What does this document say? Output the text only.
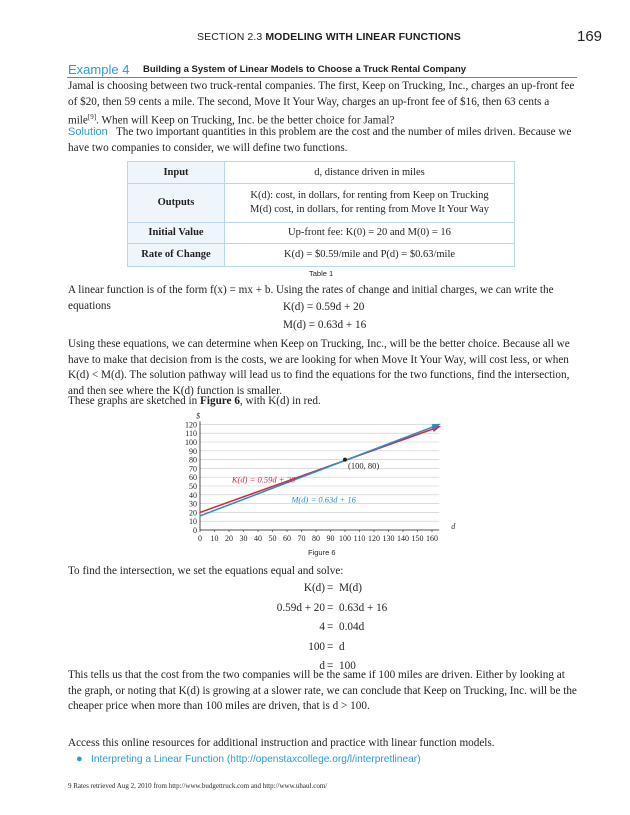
SECTION 2.3 MODELING WITH LINEAR FUNCTIONS	169
Example 4 Building a System of Linear Models to Choose a Truck Rental Company
Jamal is choosing between two truck-rental companies. The first, Keep on Trucking, Inc., charges an up-front fee of $20, then 59 cents a mile. The second, Move It Your Way, charges an up-front fee of $16, then 63 cents a mile[9]. When will Keep on Trucking, Inc. be the better choice for Jamal?
Solution The two important quantities in this problem are the cost and the number of miles driven. Because we have two companies to consider, we will define two functions.
Input	d, distance driven in miles
Outputs	K(d): cost, in dollars, for renting from Keep on Trucking
M(d) cost, in dollars, for renting from Move It Your Way

Initial Value	Up-front fee: K(0) = 20 and M(0) = 16
Rate of Change	K(d) = $0.59/mile and P(d) = $0.63/mile
Table 1
A linear function is of the form f(x) = mx + b. Using the rates of change and initial charges, we can write the equations	K(d) = 0.59d + 20
M(d) = 0.63d + 16
Using these equations, we can determine when Keep on Trucking, Inc., will be the better choice. Because all we have to make that decision from is the costs, we are looking for when Move It Your Way, will cost less, or when K(d) < M(d). The solution pathway will lead us to find the equations for the two functions, find the intersection, and then see where the K(d) function is smaller.
These graphs are sketched in Figure 6, with K(d) in red.
0
10
20
30
40
50
60
70
80
90
100
110
120
0 10 20 30 40 50 60 70 80 90 100 110 120 130 140 150 160
$
d
K(d) = 0.59d + 20
M(d) = 0.63d + 16
(100, 80)
Figure 6
To find the intersection, we set the equations equal and solve:
K(d) = M(d)
0.59d + 20 = 0.63d + 16
4 = 0.04d
100 = d
d = 100
This tells us that the cost from the two companies will be the same if 100 miles are driven. Either by looking at the graph, or noting that K(d) is growing at a slower rate, we can conclude that Keep on Trucking, Inc. will be the cheaper price when more than 100 miles are driven, that is d > 100.
Access this online resources for additional instruction and practice with linear function models.
● Interpreting a Linear Function (http://openstaxcollege.org/l/interpretlinear)
9 Rates retrieved Aug 2, 2010 from http://www.budgettruck.com and http://www.uhaul.com/
